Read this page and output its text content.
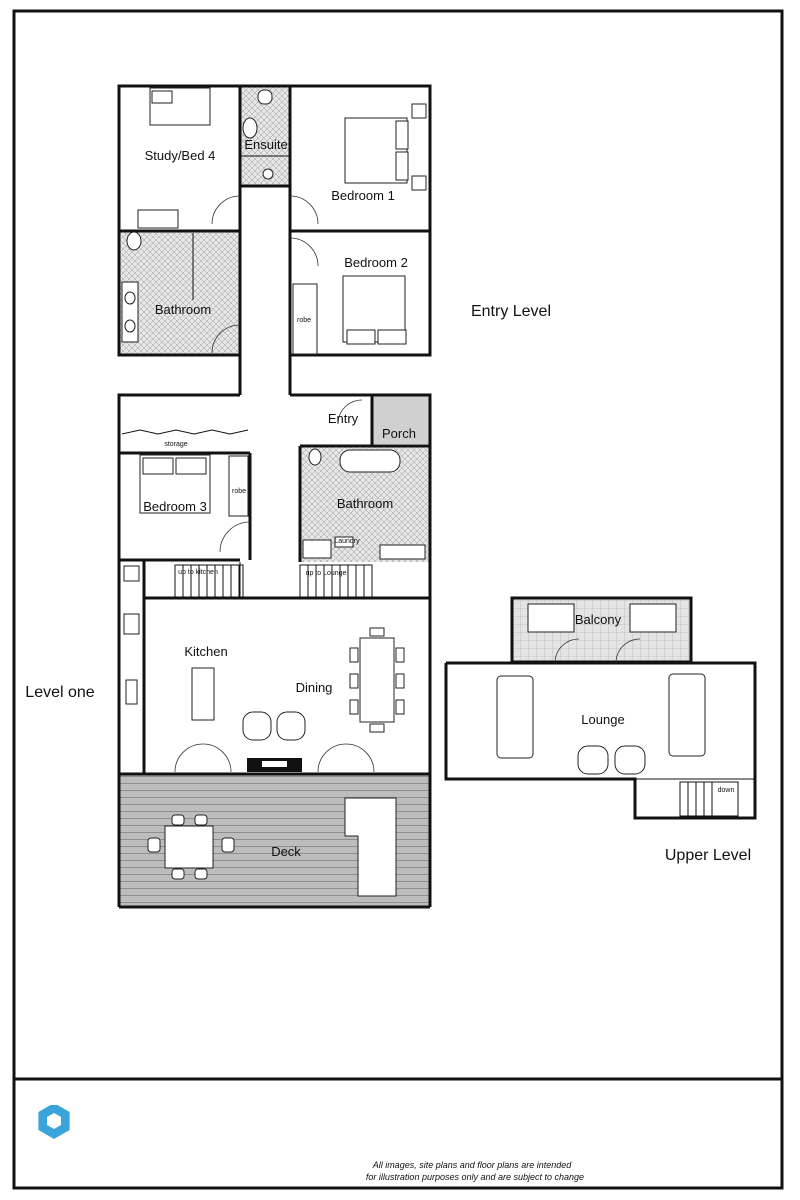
Study/Bed 4
Ensuite
Bedroom 1
Bedroom 2
Bathroom
robe
Entry Level
Entry
Porch
storage
Bedroom 3
robe
Bathroom
Laundry
up to kitchen	up to Lounge
Kitchen
Dining
Deck
Level one
Balcony
Lounge
down
Upper Level
All images, site plans and floor plans are intended
for illustration purposes only and are subject to change
